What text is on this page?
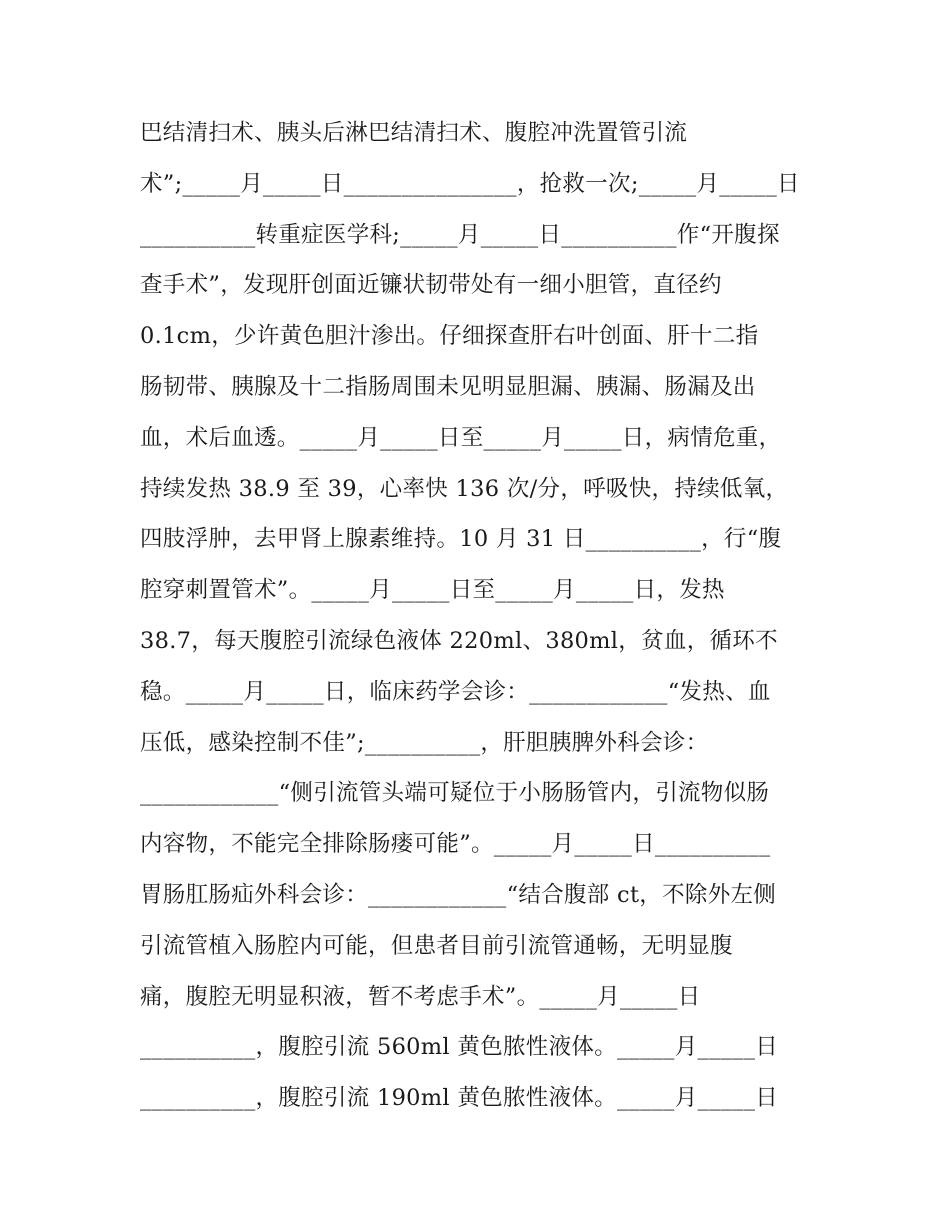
巴结清扫术、胰头后淋巴结清扫术、腹腔冲洗置管引流
术”;_____月_____日_______________，抢救一次;_____月_____日
__________转重症医学科;_____月_____日__________作“开腹探
查手术”，发现肝创面近镰状韧带处有一细小胆管，直径约
0.1cm，少许黄色胆汁渗出。仔细探查肝右叶创面、肝十二指
肠韧带、胰腺及十二指肠周围未见明显胆漏、胰漏、肠漏及出
血，术后血透。_____月_____日至_____月_____日，病情危重，
持续发热 38.9 至 39，心率快 136 次/分，呼吸快，持续低氧，
四肢浮肿，去甲肾上腺素维持。10 月 31 日__________，行“腹
腔穿刺置管术”。_____月_____日至_____月_____日，发热
38.7，每天腹腔引流绿色液体 220ml、380ml，贫血，循环不
稳。_____月_____日，临床药学会诊：____________“发热、血
压低，感染控制不佳”;__________，肝胆胰脾外科会诊：
____________“侧引流管头端可疑位于小肠肠管内，引流物似肠
内容物，不能完全排除肠瘘可能”。_____月_____日__________
胃肠肛肠疝外科会诊：____________“结合腹部 ct，不除外左侧
引流管植入肠腔内可能，但患者目前引流管通畅，无明显腹
痛，腹腔无明显积液，暂不考虑手术”。_____月_____日
__________，腹腔引流 560ml 黄色脓性液体。_____月_____日
__________，腹腔引流 190ml 黄色脓性液体。_____月_____日
